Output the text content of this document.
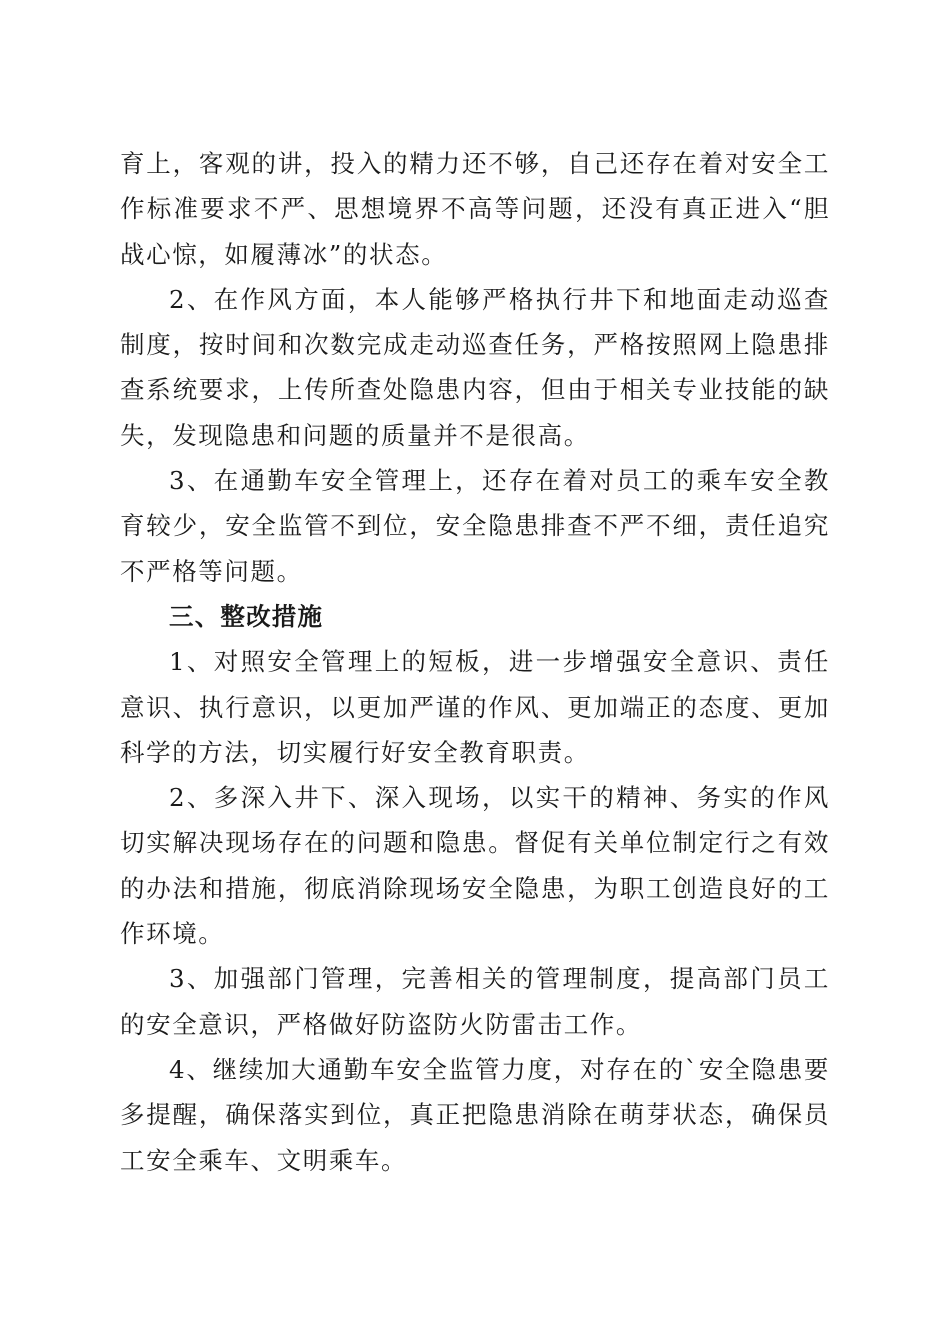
育上，客观的讲，投入的精力还不够，自己还存在着对安全工作标准要求不严、思想境界不高等问题，还没有真正进入“胆战心惊，如履薄冰”的状态。

2、在作风方面，本人能够严格执行井下和地面走动巡查制度，按时间和次数完成走动巡查任务，严格按照网上隐患排查系统要求，上传所查处隐患内容，但由于相关专业技能的缺失，发现隐患和问题的质量并不是很高。

3、在通勤车安全管理上，还存在着对员工的乘车安全教育较少，安全监管不到位，安全隐患排查不严不细，责任追究不严格等问题。

三、整改措施

1、对照安全管理上的短板，进一步增强安全意识、责任意识、执行意识，以更加严谨的作风、更加端正的态度、更加科学的方法，切实履行好安全教育职责。

2、多深入井下、深入现场，以实干的精神、务实的作风切实解决现场存在的问题和隐患。督促有关单位制定行之有效的办法和措施，彻底消除现场安全隐患，为职工创造良好的工作环境。

3、加强部门管理，完善相关的管理制度，提高部门员工的安全意识，严格做好防盗防火防雷击工作。

4、继续加大通勤车安全监管力度，对存在的`安全隐患要多提醒，确保落实到位，真正把隐患消除在萌芽状态，确保员工安全乘车、文明乘车。
